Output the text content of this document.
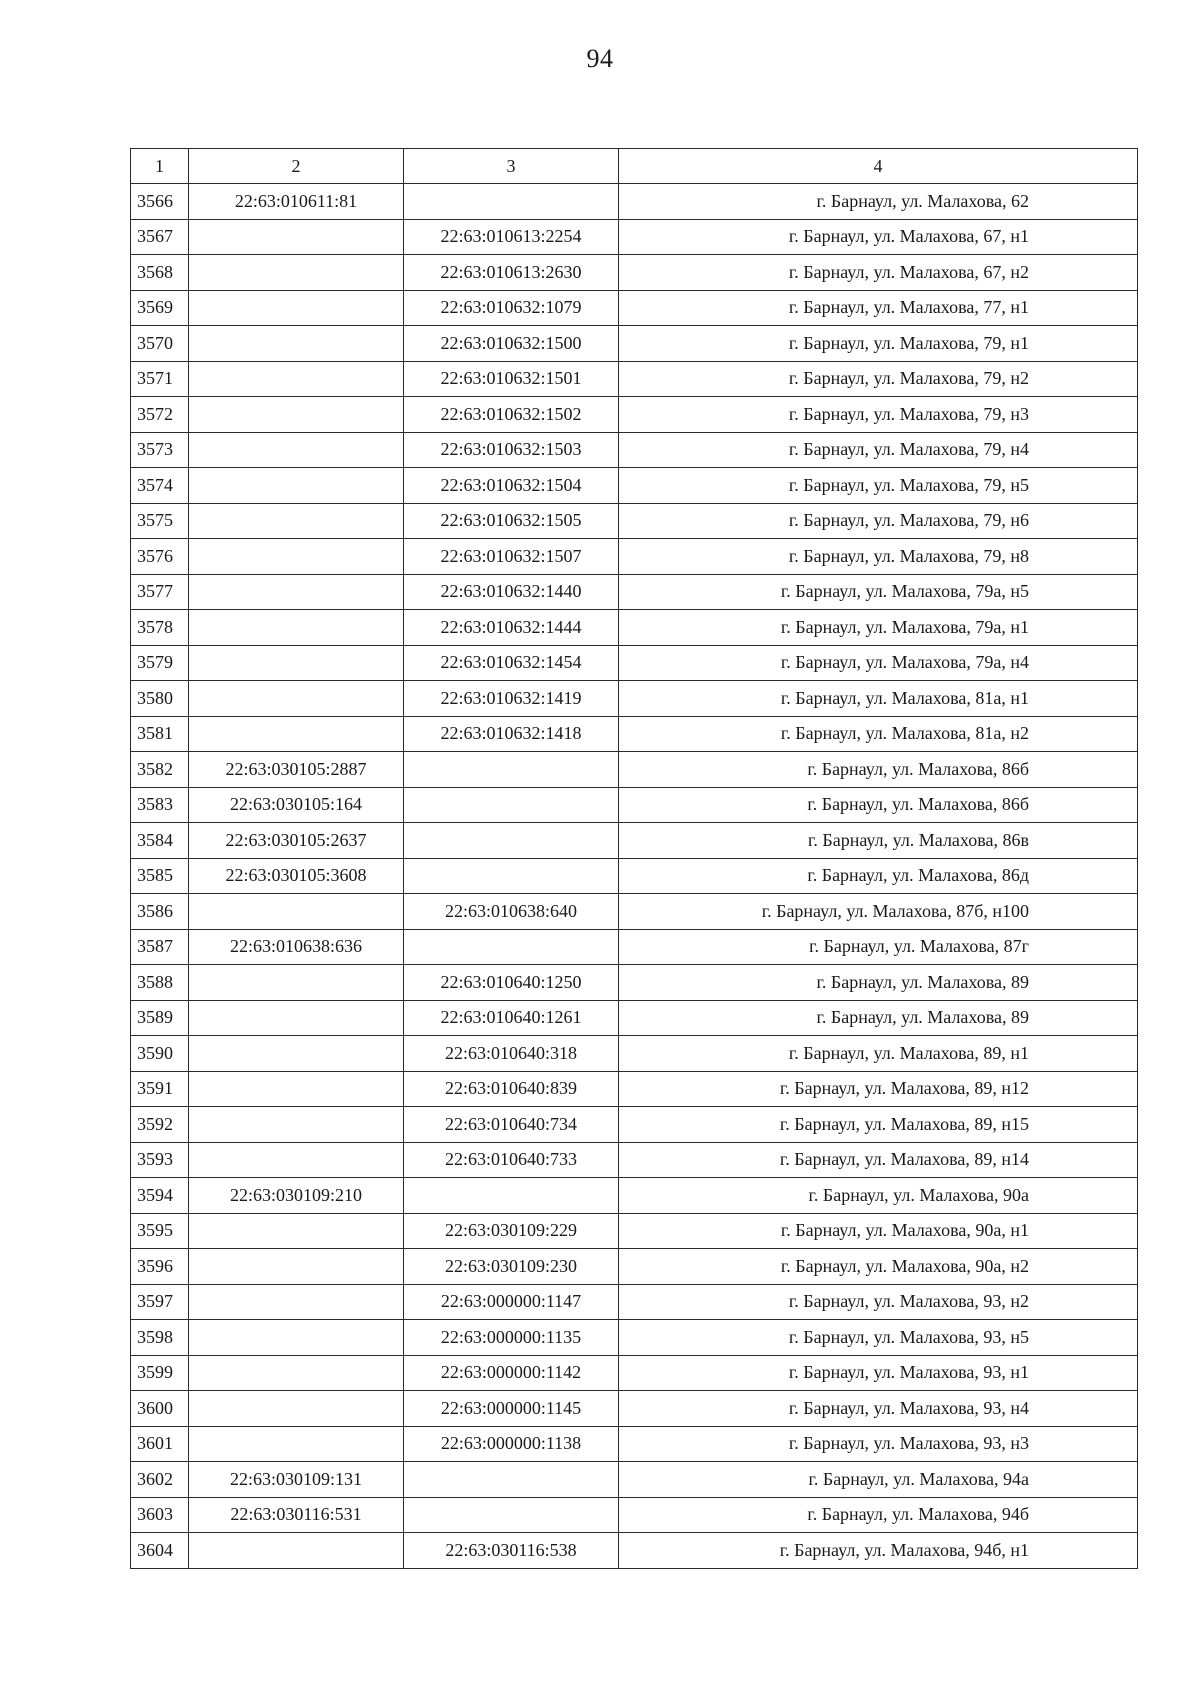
94
1	2	3	4
3566	22:63:010611:81		г. Барнаул, ул. Малахова, 62
3567		22:63:010613:2254	г. Барнаул, ул. Малахова, 67, н1
3568		22:63:010613:2630	г. Барнаул, ул. Малахова, 67, н2
3569		22:63:010632:1079	г. Барнаул, ул. Малахова, 77, н1
3570		22:63:010632:1500	г. Барнаул, ул. Малахова, 79, н1
3571		22:63:010632:1501	г. Барнаул, ул. Малахова, 79, н2
3572		22:63:010632:1502	г. Барнаул, ул. Малахова, 79, н3
3573		22:63:010632:1503	г. Барнаул, ул. Малахова, 79, н4
3574		22:63:010632:1504	г. Барнаул, ул. Малахова, 79, н5
3575		22:63:010632:1505	г. Барнаул, ул. Малахова, 79, н6
3576		22:63:010632:1507	г. Барнаул, ул. Малахова, 79, н8
3577		22:63:010632:1440	г. Барнаул, ул. Малахова, 79а, н5
3578		22:63:010632:1444	г. Барнаул, ул. Малахова, 79а, н1
3579		22:63:010632:1454	г. Барнаул, ул. Малахова, 79а, н4
3580		22:63:010632:1419	г. Барнаул, ул. Малахова, 81а, н1
3581		22:63:010632:1418	г. Барнаул, ул. Малахова, 81а, н2
3582	22:63:030105:2887		г. Барнаул, ул. Малахова, 86б
3583	22:63:030105:164		г. Барнаул, ул. Малахова, 86б
3584	22:63:030105:2637		г. Барнаул, ул. Малахова, 86в
3585	22:63:030105:3608		г. Барнаул, ул. Малахова, 86д
3586		22:63:010638:640	г. Барнаул, ул. Малахова, 87б, н100
3587	22:63:010638:636		г. Барнаул, ул. Малахова, 87г
3588		22:63:010640:1250	г. Барнаул, ул. Малахова, 89
3589		22:63:010640:1261	г. Барнаул, ул. Малахова, 89
3590		22:63:010640:318	г. Барнаул, ул. Малахова, 89, н1
3591		22:63:010640:839	г. Барнаул, ул. Малахова, 89, н12
3592		22:63:010640:734	г. Барнаул, ул. Малахова, 89, н15
3593		22:63:010640:733	г. Барнаул, ул. Малахова, 89, н14
3594	22:63:030109:210		г. Барнаул, ул. Малахова, 90а
3595		22:63:030109:229	г. Барнаул, ул. Малахова, 90а, н1
3596		22:63:030109:230	г. Барнаул, ул. Малахова, 90а, н2
3597		22:63:000000:1147	г. Барнаул, ул. Малахова, 93, н2
3598		22:63:000000:1135	г. Барнаул, ул. Малахова, 93, н5
3599		22:63:000000:1142	г. Барнаул, ул. Малахова, 93, н1
3600		22:63:000000:1145	г. Барнаул, ул. Малахова, 93, н4
3601		22:63:000000:1138	г. Барнаул, ул. Малахова, 93, н3
3602	22:63:030109:131		г. Барнаул, ул. Малахова, 94а
3603	22:63:030116:531		г. Барнаул, ул. Малахова, 94б
3604		22:63:030116:538	г. Барнаул, ул. Малахова, 94б, н1
